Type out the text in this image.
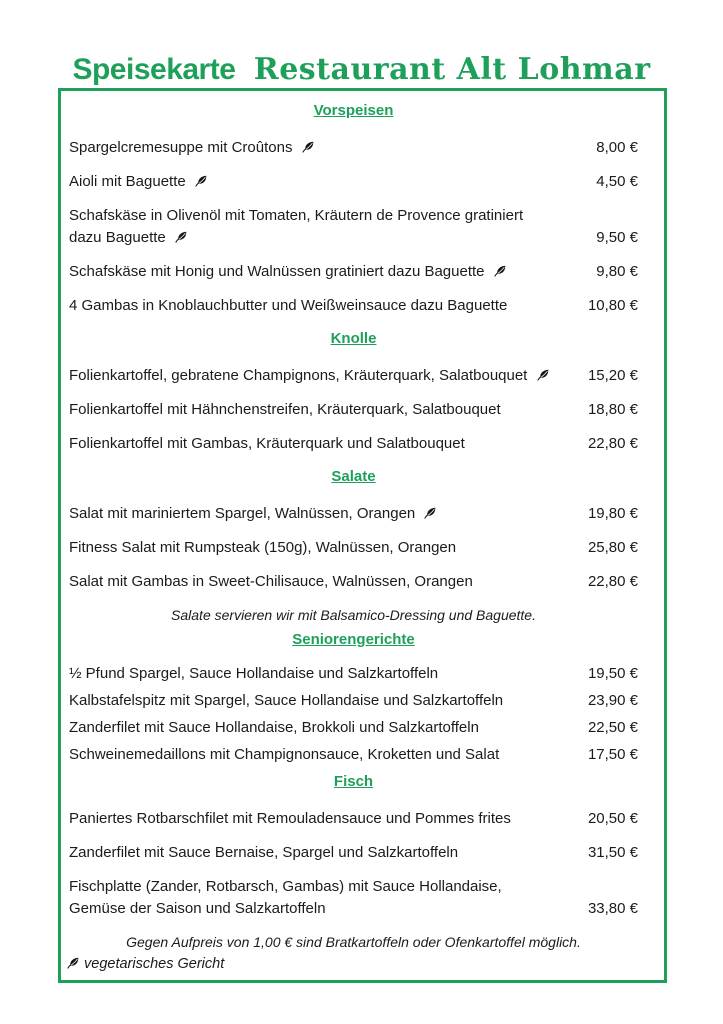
Speisekarte Restaurant Alt Lohmar
Vorspeisen
Spargelcremesuppe mit Croûtons	8,00 €
Aioli mit Baguette	4,50 €
Schafskäse in Olivenöl mit Tomaten, Kräutern de Provence gratiniert
dazu Baguette	9,50 €
Schafskäse mit Honig und Walnüssen gratiniert dazu Baguette	9,80 €
4 Gambas in Knoblauchbutter und Weißweinsauce dazu Baguette	10,80 €
Knolle
Folienkartoffel, gebratene Champignons, Kräuterquark, Salatbouquet	15,20 €
Folienkartoffel mit Hähnchenstreifen, Kräuterquark, Salatbouquet	18,80 €
Folienkartoffel mit Gambas, Kräuterquark und Salatbouquet	22,80 €
Salate
Salat mit mariniertem Spargel, Walnüssen, Orangen	19,80 €
Fitness Salat mit Rumpsteak (150g), Walnüssen, Orangen	25,80 €
Salat mit Gambas in Sweet-Chilisauce, Walnüssen, Orangen	22,80 €
Salate servieren wir mit Balsamico-Dressing und Baguette.
Seniorengerichte
½ Pfund Spargel, Sauce Hollandaise und Salzkartoffeln	19,50 €
Kalbstafelspitz mit Spargel, Sauce Hollandaise und Salzkartoffeln	23,90 €
Zanderfilet mit Sauce Hollandaise, Brokkoli und Salzkartoffeln	22,50 €
Schweinemedaillons mit Champignonsauce, Kroketten und Salat	17,50 €
Fisch
Paniertes Rotbarschfilet mit Remouladensauce und Pommes frites	20,50 €
Zanderfilet mit Sauce Bernaise, Spargel und Salzkartoffeln	31,50 €
Fischplatte (Zander, Rotbarsch, Gambas) mit Sauce Hollandaise,
Gemüse der Saison und Salzkartoffeln	33,80 €
Gegen Aufpreis von 1,00 € sind Bratkartoffeln oder Ofenkartoffel möglich.
vegetarisches Gericht
